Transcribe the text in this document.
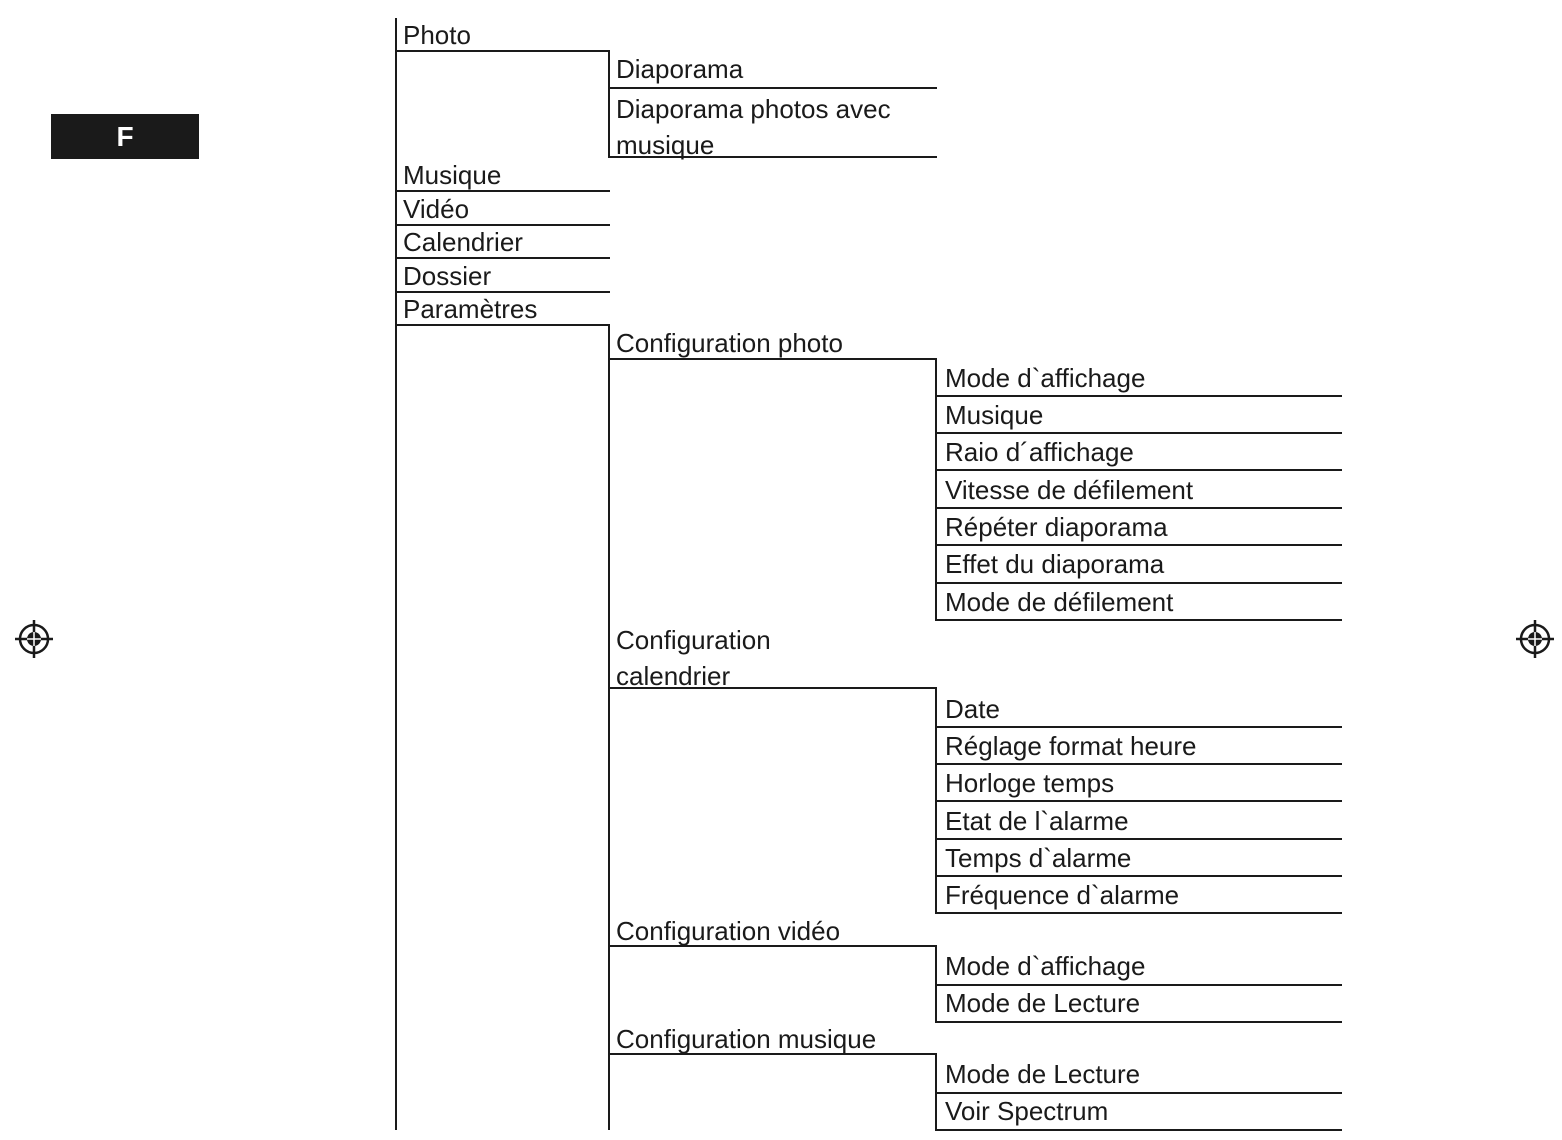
F
Photo
Musique
Vidéo
Calendrier
Dossier
Paramètres
Diaporama
Diaporama photos avec musique
Configuration photo
Configuration calendrier
Configuration vidéo
Configuration musique
Mode d`affichage
Musique
Raio d´affichage
Vitesse de défilement
Répéter diaporama
Effet du diaporama
Mode de défilement
Date
Réglage format heure
Horloge temps
Etat de l`alarme
Temps d`alarme
Fréquence d`alarme
Mode d`affichage
Mode de Lecture
Mode de Lecture
Voir Spectrum
